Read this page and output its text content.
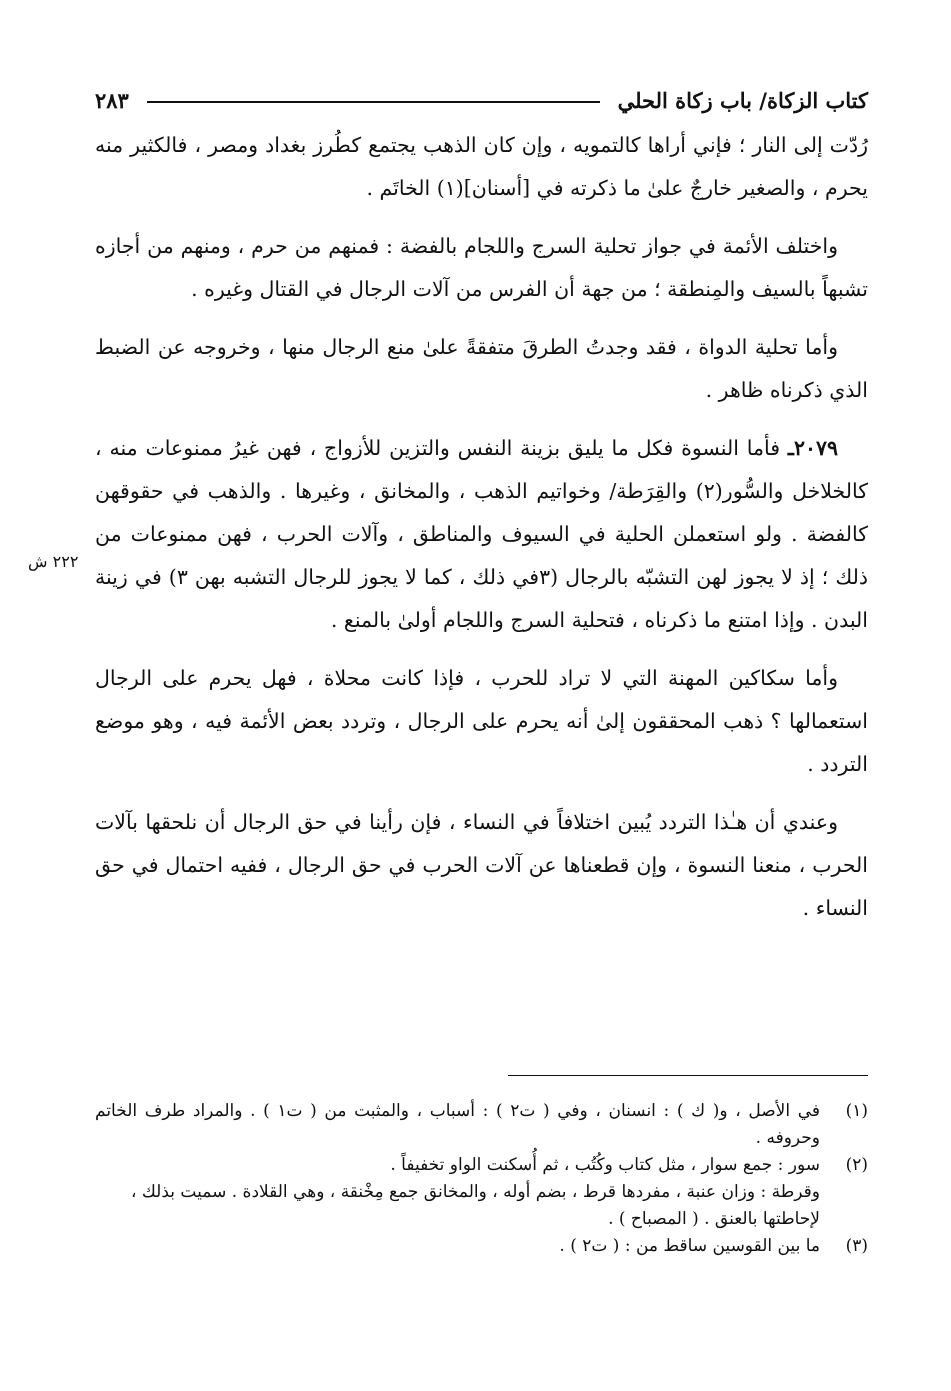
كتاب الزكاة/ باب زكاة الحلي
٢٨٣

رُدّت إلى النار ؛ فإني أراها كالتمويه ، وإن كان الذهب يجتمع كطُرز بغداد ومصر ، فالكثير منه يحرم ، والصغير خارجٌ علىٰ ما ذكرته في [أسنان](١) الخاتَم .

واختلف الأئمة في جواز تحلية السرج واللجام بالفضة : فمنهم من حرم ، ومنهم من أجازه تشبهاً بالسيف والمِنطقة ؛ من جهة أن الفرس من آلات الرجال في القتال وغيره .

وأما تحلية الدواة ، فقد وجدتُ الطرقَ متفقةً علىٰ منع الرجال منها ، وخروجه عن الضبط الذي ذكرناه ظاهر .

٢٠٧٩ـ فأما النسوة فكل ما يليق بزينة النفس والتزين للأزواج ، فهن غيرُ ممنوعات منه ، كالخلاخل والسُّور(٢) والقِرَطة/ وخواتيم الذهب ، والمخانق ، وغيرها . والذهب في حقوقهن كالفضة . ولو استعملن الحلية في السيوف والمناطق ، وآلات الحرب ، فهن ممنوعات من ذلك ؛ إذ لا يجوز لهن التشبّه بالرجال (٣في ذلك ، كما لا يجوز للرجال التشبه بهن ٣) في زينة البدن . وإذا امتنع ما ذكرناه ، فتحلية السرج واللجام أولىٰ بالمنع .

وأما سكاكين المهنة التي لا تراد للحرب ، فإذا كانت محلاة ، فهل يحرم على الرجال استعمالها ؟ ذهب المحققون إلىٰ أنه يحرم على الرجال ، وتردد بعض الأئمة فيه ، وهو موضع التردد .

وعندي أن هـٰذا التردد يُبين اختلافاً في النساء ، فإن رأينا في حق الرجال أن نلحقها بآلات الحرب ، منعنا النسوة ، وإن قطعناها عن آلات الحرب في حق الرجال ، ففيه احتمال في حق النساء .

٢٢٢ ش
(١)
في الأصل ، و( ك ) : انسنان ، وفي ( ت٢ ) : أسباب ، والمثبت من ( ت١ ) . والمراد طرف الخاتم وحروفه .
(٢)
سور : جمع سوار ، مثل كتاب وكُتُب ، ثم أُسكنت الواو تخفيفاً .
وقرطة : وزان عنبة ، مفردها قرط ، بضم أوله ، والمخانق جمع مِخْنقة ، وهي القلادة . سميت بذلك ، لإحاطتها بالعنق . ( المصباح ) .
(٣)
ما بين القوسين ساقط من : ( ت٢ ) .
